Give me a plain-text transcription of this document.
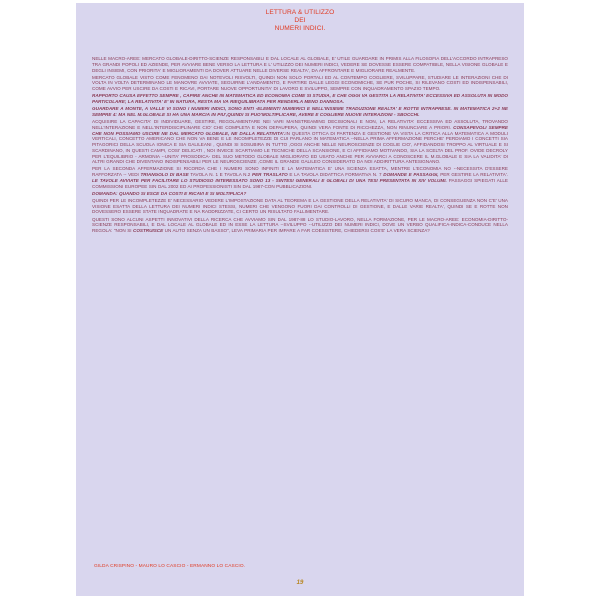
LETTURA & UTILIZZO
DEI
NUMERI INDICI.

NELLE MACRO-AREE: MERCATO GLOBALE-DIRITTO-SCIENZE RESPONSABILI E DAL LOCALE AL GLOBALE, E' UTILE GUARDARE IN PRIMIS ALLA FILOSOFIA DELL'ACCORDO INTRAPRESO TRA GRANDI POPOLI ED AZIENDE, PER AVVIARE BENE VERSO LA LETTURA E L' UTILIZZO DEI NUMERI INDICI, VEDERE SE DOVESSE ESSERE COMPATIBILE, NELLA VISIONE GLOBALE E DEGLI INSIEMI, CON PRIORITA' E MIGLIORAMENTI DA DOVER ATTUARE NELLE DIVERSE REALTA', DA AFFRONTARE E MIGLIORARE REALMENTE.

MERCATO GLOBALE VISTO COME FENOMENO DAI NOTEVOLI RISVOLTI, QUINDI NON SOLO PORTALI ED AL CONTEMPO COGLIERE, SVILUPPARE, STUDIARE LE INTERAZIONI CHE DI VOLTA IN VOLTA DETERMINANO LE MANOVRE AVVIATE, SEGUIRNE L'ANDAMENTO, E PARTIRE DALLE LEGGI ECONOMICHE, SE PUR POCHE, SI RILEVANO COSTI ED INDISPENSABILI, COME AVVIO PER USCIRE DA COSTI E RICAVI, PORTARE NUOVE OPPORTUNITA' DI LAVORO E SVILUPPO, SEMPRE CON INQUADRAMENTO SPAZIO TEMPO.

RAPPORTO CAUSA EFFETTO SEMPRE , CAPIRE ANCHE IN MATEMATICA ED ECONOMIA COME SI STUDIA, E CHE OGGI VA GESTITA LA RELATIVITA' ECCESSIVA ED ASSOLUTA IN MODO PARTICOLARE; LA RELATIVITA' E' IN NATURA, RESTA MA VA RIEQUILIBRATA PER RENDERLA MENO DANNOSA.

GUARDARE A MONTE, A VALLE VI SONO I NUMERI INDICI, SONO ENTI -ELEMENTI NUMERICI E NELL'INSIEME TRADUZIONE REALTA' E ROTTE INTRAPRESE. IN MATEMATICA 2+2 NE SEMPRE 4: MA NEL M.GLOBALE SI HA UNA MARCIA IN PIU',QUINDI SI PUO'MOLTIPLICARE, AVERE E COGLIERE NUOVE INTERAZIONI - SBOCCHI.

ACQUISIRE LA CAPACITA' DI INDIVIDUARE, GESTIRE, REGOLAMENTARE NEI VARI MAINSTREAMING DECISIONALI E NON, LA RELATIVITA' ECCESSIVA ED ASSOLUTA, TROVANDO NELL'INTERAZIONE E NELL'INTERDISCIPLINARE CIO' CHE COMPLETA E NON DEPAUPERA, QUINDI VERA FONTE DI RICCHEZZA, NON RINUNCIARE A PRIORI. CONSAPEVOLI SEMPRE CHE NON POSSIAMO USCIRE NE DAL MERCATO GLOBALE, NE DALLA RELATIVITA'.IN QUESTA OTTICA DI PARTENZA E GESTIONE VA VISTA LA CRITICA ALLA MATEMATICA A MODULI VERTICALI, CONCETTO AMERICANO CHE NON VA BENE E LE INCOMPLETEZZE DI CUI PARLANO IN MATEMATICA --NELLA PRIMA AFFERMAZIONE PERCHE' PERDIAMO I CONCETTI SIA PITAGORICI DELLA SCUOLA IONICA E SIA GALILEANI , QUINDI SI SOSUBIRA IN TUTTO ,OGGI ANCHE NELLE NEUROSCIENZE DI COGLIE CIO', AFFIDANDOSI TROPPO AL VIRTUALE E SI SCARDINANO, IN QUESTI CAMPI, COSI' DELICATI , NOI INVECE SCARTIAMO LE TECNICHE DELLA SCANSIONE, E CI AFFIDIAMO MOTIVANDO, SIA LA SCELTA DEL PROF. OVIDE DECROLY PER L'EQUILIBRIO - ARMONIA --UNITA' PROSODICA- DEL SUO METODO GLOBALE MIGLIORATO ED USATO ANCHE PER AVVIARCI A CONOSCERE IL M.GLOBALE E SIA LA VALIDITA' DI ALTRI GRANDI CHE DIVENTANO INDISPENSABILI PER LE NEUROSCIENZE ,COME IL GRANDE GALILEO CONSIDERATO DA NOI ADDIRITTURA ANTESIGNANO.

PER LA SECONDA AFFERMAZIONE SI RICORDA CHE I NUMERI SONO INFINITI E LA MATEMATICA E' UNA SCIENZA ESATTA, MENTRE L'ECONOMIA NO --NECESSITA D'ESSERE RAFFORZATA -- VEDI TRIANGOLO DI BASE TAVOLA N. 1 E TAVOLA N.2 PER TRASLATO E LA TAVOLA DIDATTICA FORMATIVA N. 7 DOMANDE E PASSAGGI, PER GESTIRE LA RELATIVITA'. LE TAVOLE AVVIATE PER FACILITARE LO STUDIOSO INTERESSATO SONO 13 - SINTESI GENERALI E GLOBALI DI UNA TESI PRESENTATA IN XIV VOLUMI. PASSAGGI SPIEGATI ALLE COMMISSIONI EUROPEE SIN DAL 2002 ED AI PROFESSIONISTI SIN DAL 1987-CON PUBBLICAZIONI.

DOMANDA: QUANDO SI ESCE DA COSTI E RICAVI E SI MOLTIPLICA?

QUINDI PER LE INCOMPLETEZZE E' NECESSARIO VEDERE L'IMPOSTAZIONE DATA AL TEOREMA E LA GESTIONE DELLA RELATIVITA' DI SICURO MANCA, DI CONSEGUENZA NON C'E' UNA VISIONE ESATTA DELLA LETTURA DEI NUMERI INDICI STESSI, NUMERI CHE VENGONO FUORI DAI CONTROLLI DI GESTIONE, E DALLE VARIE REALTA', QUINDI SE E ROTTE NON DOVESSERO ESSERE STATE INQUADRATE E NA RADDRIZZATE, CI CERTO UN RISULTATO FALLIMENTARE.

QUESTI SONO ALCUNI ASPETTI INNOVATIVI DELLA RICERCA CHE AVVIAMO SIN DAL 1987-88 LO STUDIO-LAVORO, NELLA FORMAZIONE, PER LE MACRO-AREE: ECONOMIA-DIRITTO-SCIENZE RESPONSABILI, E DAL LOCALE AL GLOBALE ED IN ESSE LA LETTURA --SVILUPPO --UTILIZZO DEI NUMERI INDICI, DOVE UN VERBO QUALIFICA-INDICA-CONDUCE NELLA REGOLA: "NON SI COSTRUISCE UN AUTO SENZA UN BASSO", LEVA PRIMARIA PER IMPARE A FAR COESISTERE, CHIEDERSI COS'E' LA VERA SCIENZA?

GILDA CRISPINO - MAURO LO CASCIO - ERMANNO LO CASCIO.
19
